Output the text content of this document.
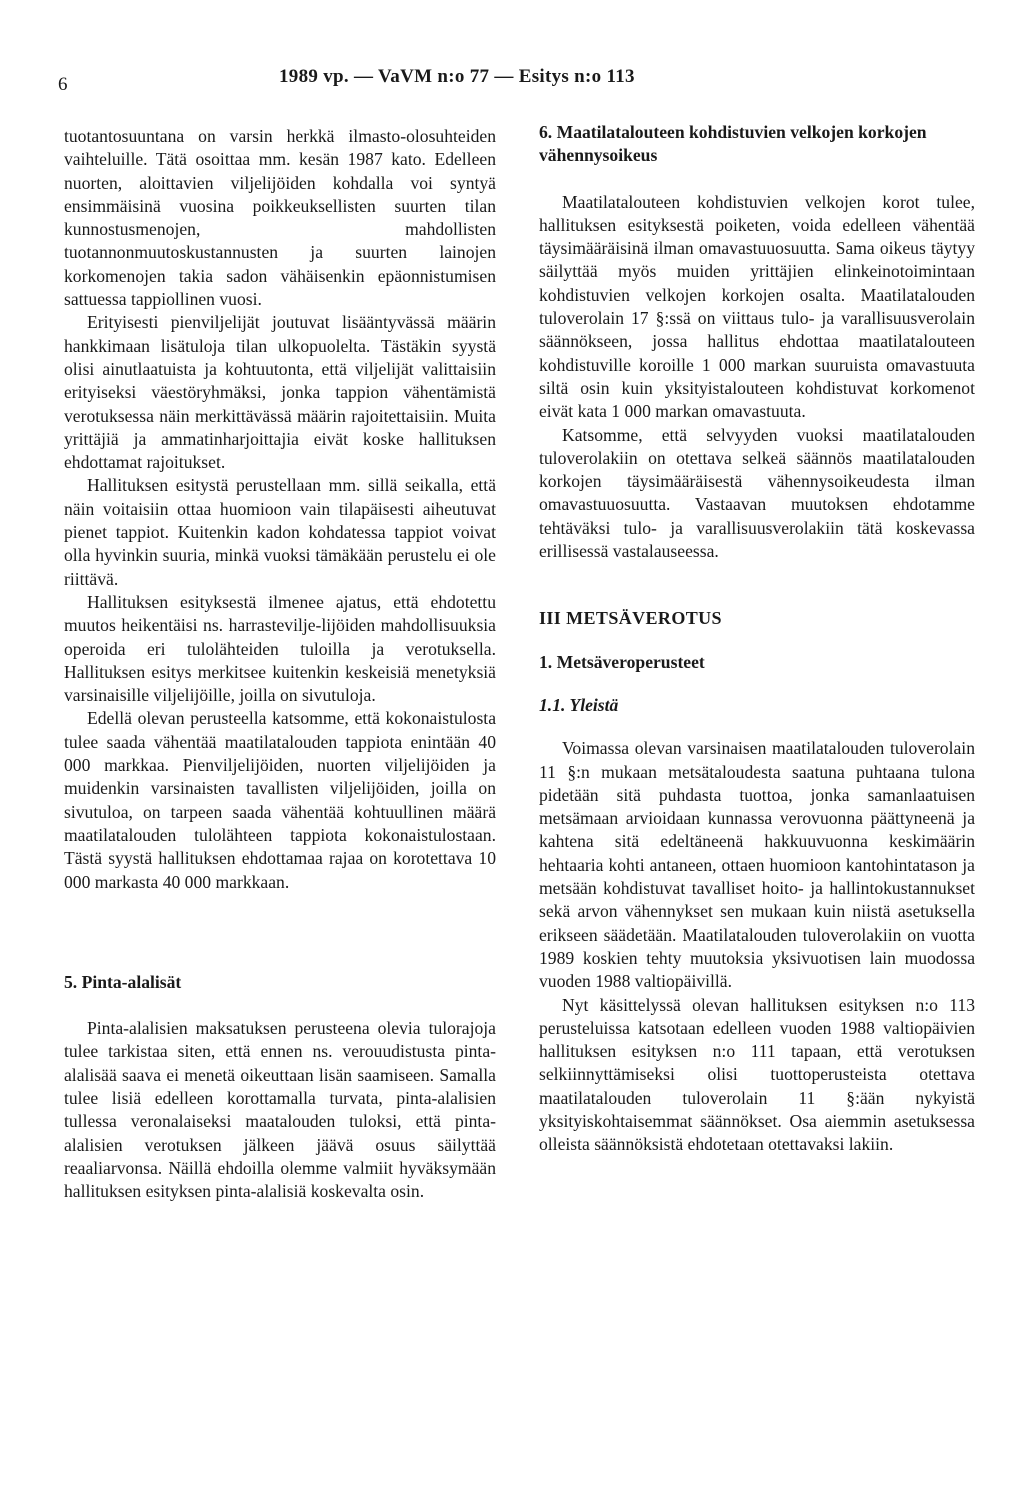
6	1989 vp. — VaVM n:o 77 — Esitys n:o 113

tuotantosuuntana on varsin herkkä ilmasto-olosuhteiden vaihteluille. Tätä osoittaa mm. kesän 1987 kato. Edelleen nuorten, aloittavien viljelijöiden kohdalla voi syntyä ensimmäisinä vuosina poikkeuksellisten suurten tilan kunnostusmenojen, mahdollisten tuotannonmuutoskustannusten ja suurten lainojen korkomenojen takia sadon vähäisenkin epäonnistumisen sattuessa tappiollinen vuosi.

Erityisesti pienviljelijät joutuvat lisääntyvässä määrin hankkimaan lisätuloja tilan ulkopuolelta. Tästäkin syystä olisi ainutlaatuista ja kohtuutonta, että viljelijät valittaisiin erityiseksi väestöryhmäksi, jonka tappion vähentämistä verotuksessa näin merkittävässä määrin rajoitettaisiin. Muita yrittäjiä ja ammatinharjoittajia eivät koske hallituksen ehdottamat rajoitukset.

Hallituksen esitystä perustellaan mm. sillä seikalla, että näin voitaisiin ottaa huomioon vain tilapäisesti aiheutuvat pienet tappiot. Kuitenkin kadon kohdatessa tappiot voivat olla hyvinkin suuria, minkä vuoksi tämäkään perustelu ei ole riittävä.

Hallituksen esityksestä ilmenee ajatus, että ehdotettu muutos heikentäisi ns. harrastevilje-lijöiden mahdollisuuksia operoida eri tulolähteiden tuloilla ja verotuksella. Hallituksen esitys merkitsee kuitenkin keskeisiä menetyksiä varsinaisille viljelijöille, joilla on sivutuloja.

Edellä olevan perusteella katsomme, että kokonaistulosta tulee saada vähentää maatilatalouden tappiota enintään 40 000 markkaa. Pienviljelijöiden, nuorten viljelijöiden ja muidenkin varsinaisten tavallisten viljelijöiden, joilla on sivutuloa, on tarpeen saada vähentää kohtuullinen määrä maatilatalouden tulolähteen tappiota kokonaistulostaan. Tästä syystä hallituksen ehdottamaa rajaa on korotettava 10 000 markasta 40 000 markkaan.

5. Pinta-alalisät

Pinta-alalisien maksatuksen perusteena olevia tulorajoja tulee tarkistaa siten, että ennen ns. verouudistusta pinta-alalisää saava ei menetä oikeuttaan lisän saamiseen. Samalla tulee lisiä edelleen korottamalla turvata, pinta-alalisien tullessa veronalaiseksi maatalouden tuloksi, että pinta-alalisien verotuksen jälkeen jäävä osuus säilyttää reaaliarvonsa. Näillä ehdoilla olemme valmiit hyväksymään hallituksen esityksen pinta-alalisiä koskevalta osin.

6. Maatilatalouteen kohdistuvien velkojen korkojen vähennysoikeus

Maatilatalouteen kohdistuvien velkojen korot tulee, hallituksen esityksestä poiketen, voida edelleen vähentää täysimääräisinä ilman omavastuuosuutta. Sama oikeus täytyy säilyttää myös muiden yrittäjien elinkeinotoimintaan kohdistuvien velkojen korkojen osalta. Maatilatalouden tuloverolain 17 §:ssä on viittaus tulo- ja varallisuusverolain säännökseen, jossa hallitus ehdottaa maatilatalouteen kohdistuville koroille 1 000 markan suuruista omavastuuta siltä osin kuin yksityistalouteen kohdistuvat korkomenot eivät kata 1 000 markan omavastuuta.

Katsomme, että selvyyden vuoksi maatilatalouden tuloverolakiin on otettava selkeä säännös maatilatalouden korkojen täysimääräisestä vähennysoikeudesta ilman omavastuuosuutta. Vastaavan muutoksen ehdotamme tehtäväksi tulo- ja varallisuusverolakiin tätä koskevassa erillisessä vastalauseessa.

III METSÄVEROTUS

1. Metsäveroperusteet

1.1. Yleistä

Voimassa olevan varsinaisen maatilatalouden tuloverolain 11 §:n mukaan metsätaloudesta saatuna puhtaana tulona pidetään sitä puhdasta tuottoa, jonka samanlaatuisen metsämaan arvioidaan kunnassa verovuonna päättyneenä ja kahtena sitä edeltäneenä hakkuuvuonna keskimäärin hehtaaria kohti antaneen, ottaen huomioon kantohintatason ja metsään kohdistuvat tavalliset hoito- ja hallintokustannukset sekä arvon vähennykset sen mukaan kuin niistä asetuksella erikseen säädetään. Maatilatalouden tuloverolakiin on vuotta 1989 koskien tehty muutoksia yksivuotisen lain muodossa vuoden 1988 valtiopäivillä.

Nyt käsittelyssä olevan hallituksen esityksen n:o 113 perusteluissa katsotaan edelleen vuoden 1988 valtiopäivien hallituksen esityksen n:o 111 tapaan, että verotuksen selkiinnyttämiseksi olisi tuottoperusteista otettava maatilatalouden tuloverolain 11 §:ään nykyistä yksityiskohtaisemmat säännökset. Osa aiemmin asetuksessa olleista säännöksistä ehdotetaan otettavaksi lakiin.
